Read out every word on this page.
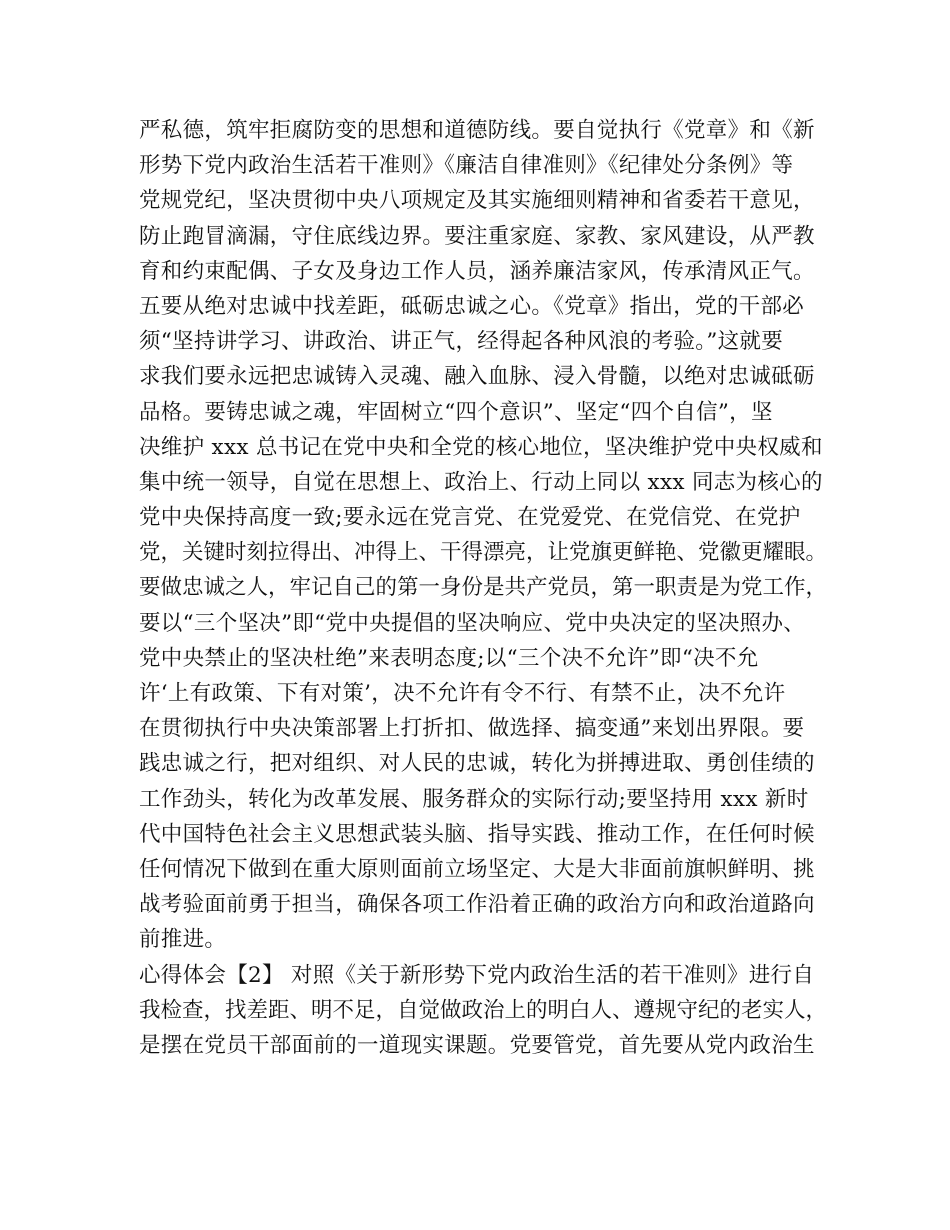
严私德，筑牢拒腐防变的思想和道德防线。要自觉执行《党章》和《新
形势下党内政治生活若干准则》《廉洁自律准则》《纪律处分条例》等
党规党纪，坚决贯彻中央八项规定及其实施细则精神和省委若干意见，
防止跑冒滴漏，守住底线边界。要注重家庭、家教、家风建设，从严教
育和约束配偶、子女及身边工作人员，涵养廉洁家风，传承清风正气。
五要从绝对忠诚中找差距，砥砺忠诚之心。《党章》指出，党的干部必
须“坚持讲学习、讲政治、讲正气，经得起各种风浪的考验。”这就要
求我们要永远把忠诚铸入灵魂、融入血脉、浸入骨髓，以绝对忠诚砥砺
品格。要铸忠诚之魂，牢固树立“四个意识”、坚定“四个自信”，坚
决维护 xxx 总书记在党中央和全党的核心地位，坚决维护党中央权威和
集中统一领导，自觉在思想上、政治上、行动上同以 xxx 同志为核心的
党中央保持高度一致;要永远在党言党、在党爱党、在党信党、在党护
党，关键时刻拉得出、冲得上、干得漂亮，让党旗更鲜艳、党徽更耀眼。
要做忠诚之人，牢记自己的第一身份是共产党员，第一职责是为党工作，
要以“三个坚决”即“党中央提倡的坚决响应、党中央决定的坚决照办、
党中央禁止的坚决杜绝”来表明态度;以“三个决不允许”即“决不允
许‘上有政策、下有对策’，决不允许有令不行、有禁不止，决不允许
在贯彻执行中央决策部署上打折扣、做选择、搞变通”来划出界限。要
践忠诚之行，把对组织、对人民的忠诚，转化为拼搏进取、勇创佳绩的
工作劲头，转化为改革发展、服务群众的实际行动;要坚持用 xxx 新时
代中国特色社会主义思想武装头脑、指导实践、推动工作，在任何时候
任何情况下做到在重大原则面前立场坚定、大是大非面前旗帜鲜明、挑
战考验面前勇于担当，确保各项工作沿着正确的政治方向和政治道路向
前推进。
心得体会【2】 对照《关于新形势下党内政治生活的若干准则》进行自
我检查，找差距、明不足，自觉做政治上的明白人、遵规守纪的老实人，
是摆在党员干部面前的一道现实课题。党要管党，首先要从党内政治生
